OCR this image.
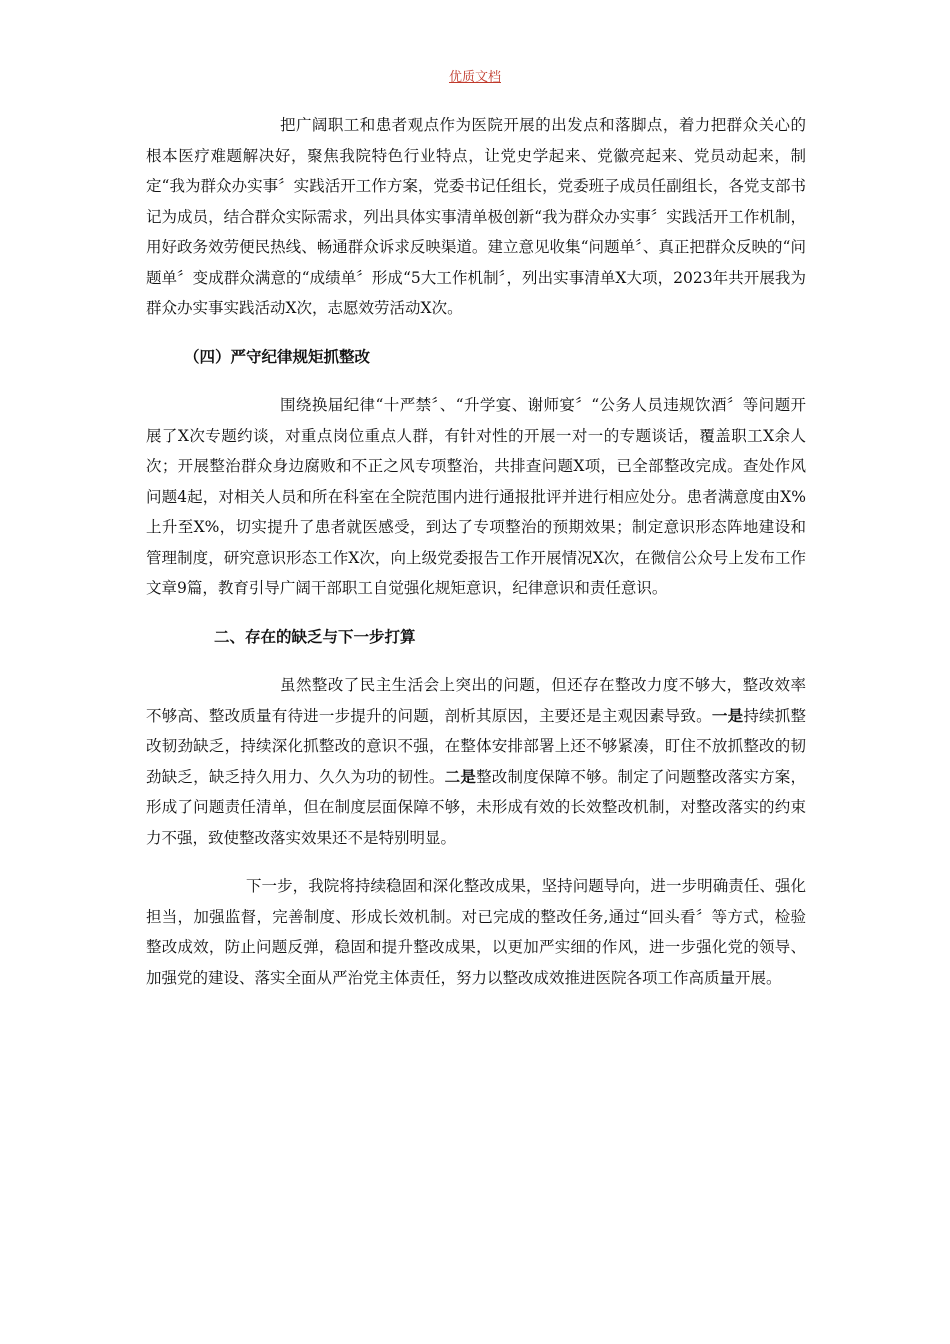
优质文档

把广阔职工和患者观点作为医院开展的出发点和落脚点，着力把群众关心的根本医疗难题解决好，聚焦我院特色行业特点，让党史学起来、党徽亮起来、党员动起来，制定“我为群众办实事〞实践活开工作方案，党委书记任组长，党委班子成员任副组长，各党支部书记为成员，结合群众实际需求，列出具体实事清单极创新“我为群众办实事〞实践活开工作机制，用好政务效劳便民热线、畅通群众诉求反映渠道。建立意见收集“问题单〞、真正把群众反映的“问题单〞变成群众满意的“成绩单〞形成“5大工作机制〞，列出实事清单X大项，2023年共开展我为群众办实事实践活动X次，志愿效劳活动X次。

（四）严守纪律规矩抓整改

围绕换届纪律“十严禁〞、“升学宴、谢师宴〞“公务人员违规饮酒〞等问题开展了X次专题约谈，对重点岗位重点人群，有针对性的开展一对一的专题谈话，覆盖职工X余人次；开展整治群众身边腐败和不正之风专项整治，共排查问题X项，已全部整改完成。查处作风问题4起，对相关人员和所在科室在全院范围内进行通报批评并进行相应处分。患者满意度由X%上升至X%，切实提升了患者就医感受，到达了专项整治的预期效果；制定意识形态阵地建设和管理制度，研究意识形态工作X次，向上级党委报告工作开展情况X次，在微信公众号上发布工作文章9篇，教育引导广阔干部职工自觉强化规矩意识，纪律意识和责任意识。

二、存在的缺乏与下一步打算

虽然整改了民主生活会上突出的问题，但还存在整改力度不够大，整改效率不够高、整改质量有待进一步提升的问题，剖析其原因，主要还是主观因素导致。一是持续抓整改韧劲缺乏，持续深化抓整改的意识不强，在整体安排部署上还不够紧凑，盯住不放抓整改的韧劲缺乏，缺乏持久用力、久久为功的韧性。二是整改制度保障不够。制定了问题整改落实方案，形成了问题责任清单，但在制度层面保障不够，未形成有效的长效整改机制，对整改落实的约束力不强，致使整改落实效果还不是特别明显。

下一步，我院将持续稳固和深化整改成果，坚持问题导向，进一步明确责任、强化担当，加强监督，完善制度、形成长效机制。对已完成的整改任务,通过“回头看〞等方式，检验整改成效，防止问题反弹，稳固和提升整改成果，以更加严实细的作风，进一步强化党的领导、加强党的建设、落实全面从严治党主体责任，努力以整改成效推进医院各项工作高质量开展。
